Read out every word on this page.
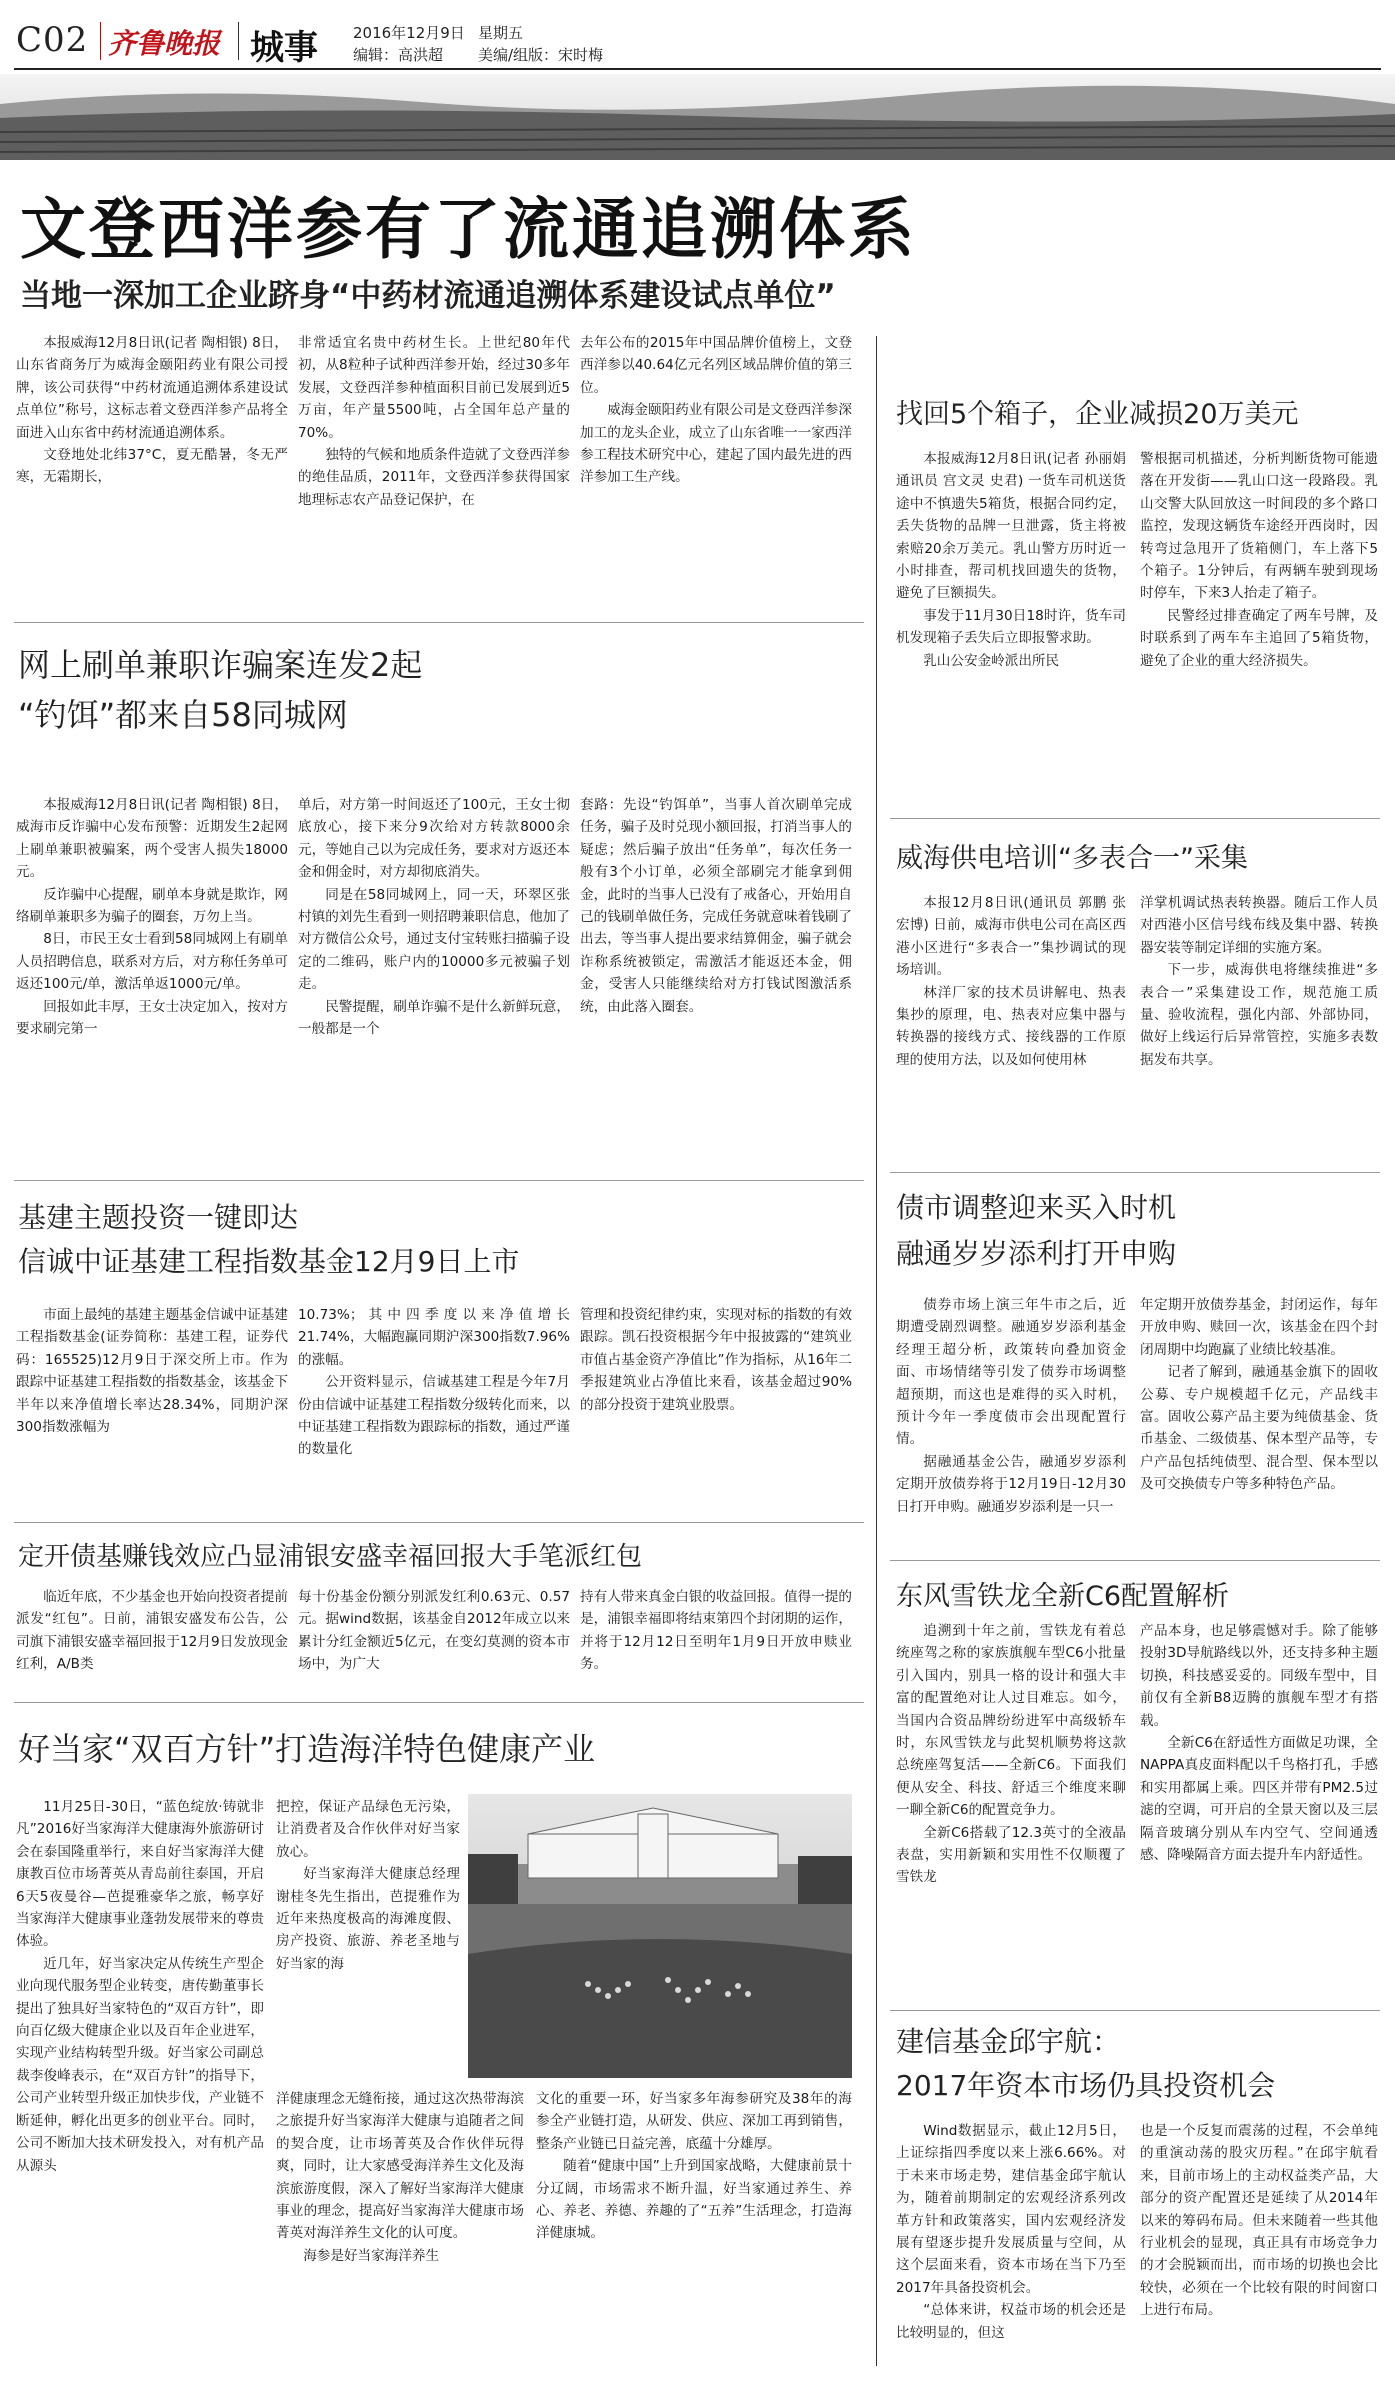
C02 齐鲁晚报 城事 2016年12月9日 星期五
编辑：高洪超 美编/组版：宋时梅
文登西洋参有了流通追溯体系
当地一深加工企业跻身“中药材流通追溯体系建设试点单位”

本报威海12月8日讯(记者 陶相银) 8日，山东省商务厅为威海金颐阳药业有限公司授牌，该公司获得“中药材流通追溯体系建设试点单位”称号，这标志着文登西洋参产品将全面进入山东省中药材流通追溯体系。

文登地处北纬37°C，夏无酷暑，冬无严寒，无霜期长，

非常适宜名贵中药材生长。上世纪80年代初，从8粒种子试种西洋参开始，经过30多年发展，文登西洋参种植面积目前已发展到近5万亩，年产量5500吨，占全国年总产量的70%。

独特的气候和地质条件造就了文登西洋参的绝佳品质，2011年，文登西洋参获得国家地理标志农产品登记保护，在

去年公布的2015年中国品牌价值榜上，文登西洋参以40.64亿元名列区域品牌价值的第三位。

威海金颐阳药业有限公司是文登西洋参深加工的龙头企业，成立了山东省唯一一家西洋参工程技术研究中心，建起了国内最先进的西洋参加工生产线。

找回5个箱子，企业减损20万美元

本报威海12月8日讯(记者 孙丽娟 通讯员 宫文灵 史君) 一货车司机送货途中不慎遗失5箱货，根据合同约定，丢失货物的品牌一旦泄露，货主将被索赔20余万美元。乳山警方历时近一小时排查，帮司机找回遗失的货物，避免了巨额损失。

事发于11月30日18时许，货车司机发现箱子丢失后立即报警求助。

乳山公安金岭派出所民

警根据司机描述，分析判断货物可能遗落在开发街——乳山口这一段路段。乳山交警大队回放这一时间段的多个路口监控，发现这辆货车途经开西岗时，因转弯过急甩开了货箱侧门，车上落下5个箱子。1分钟后，有两辆车驶到现场时停车，下来3人抬走了箱子。

民警经过排查确定了两车号牌，及时联系到了两车车主追回了5箱货物，避免了企业的重大经济损失。

网上刷单兼职诈骗案连发2起
“钓饵”都来自58同城网

本报威海12月8日讯(记者 陶相银) 8日，威海市反诈骗中心发布预警：近期发生2起网上刷单兼职被骗案，两个受害人损失18000元。

反诈骗中心提醒，刷单本身就是欺诈，网络刷单兼职多为骗子的圈套，万勿上当。

8日，市民王女士看到58同城网上有刷单人员招聘信息，联系对方后，对方称任务单可返还100元/单，激活单返1000元/单。

回报如此丰厚，王女士决定加入，按对方要求刷完第一

单后，对方第一时间返还了100元，王女士彻底放心，接下来分9次给对方转款8000余元，等她自己以为完成任务，要求对方返还本金和佣金时，对方却彻底消失。

同是在58同城网上，同一天，环翠区张村镇的刘先生看到一则招聘兼职信息，他加了对方微信公众号，通过支付宝转账扫描骗子设定的二维码，账户内的10000多元被骗子划走。

民警提醒，刷单诈骗不是什么新鲜玩意，一般都是一个

套路：先设“钓饵单”，当事人首次刷单完成任务，骗子及时兑现小额回报，打消当事人的疑虑；然后骗子放出“任务单”，每次任务一般有3个小订单，必须全部刷完才能拿到佣金，此时的当事人已没有了戒备心，开始用自己的钱刷单做任务，完成任务就意味着钱刷了出去，等当事人提出要求结算佣金，骗子就会诈称系统被锁定，需激活才能返还本金，佣金，受害人只能继续给对方打钱试图激活系统，由此落入圈套。

威海供电培训“多表合一”采集

本报12月8日讯(通讯员 郭鹏 张宏博) 日前，威海市供电公司在高区西港小区进行“多表合一”集抄调试的现场培训。

林洋厂家的技术员讲解电、热表集抄的原理，电、热表对应集中器与转换器的接线方式、接线器的工作原理的使用方法，以及如何使用林

洋掌机调试热表转换器。随后工作人员对西港小区信号线布线及集中器、转换器安装等制定详细的实施方案。

下一步，威海供电将继续推进“多表合一”采集建设工作，规范施工质量、验收流程，强化内部、外部协同，做好上线运行后异常管控，实施多表数据发布共享。

基建主题投资一键即达
信诚中证基建工程指数基金12月9日上市

市面上最纯的基建主题基金信诚中证基建工程指数基金(证券简称：基建工程，证券代码：165525)12月9日于深交所上市。作为跟踪中证基建工程指数的指数基金，该基金下半年以来净值增长率达28.34%，同期沪深300指数涨幅为

10.73%；其中四季度以来净值增长21.74%，大幅跑赢同期沪深300指数7.96%的涨幅。

公开资料显示，信诚基建工程是今年7月份由信诚中证基建工程指数分级转化而来，以中证基建工程指数为跟踪标的指数，通过严谨的数量化

管理和投资纪律约束，实现对标的指数的有效跟踪。凯石投资根据今年中报披露的“建筑业市值占基金资产净值比”作为指标，从16年二季报建筑业占净值比来看，该基金超过90%的部分投资于建筑业股票。

债市调整迎来买入时机
融通岁岁添利打开申购

债券市场上演三年牛市之后，近期遭受剧烈调整。融通岁岁添利基金经理王超分析，政策转向叠加资金面、市场情绪等引发了债券市场调整超预期，而这也是难得的买入时机，预计今年一季度债市会出现配置行情。

据融通基金公告，融通岁岁添利定期开放债券将于12月19日-12月30日打开申购。融通岁岁添利是一只一

年定期开放债券基金，封闭运作，每年开放申购、赎回一次，该基金在四个封闭周期中均跑赢了业绩比较基准。

记者了解到，融通基金旗下的固收公募、专户规模超千亿元，产品线丰富。固收公募产品主要为纯债基金、货币基金、二级债基、保本型产品等，专户产品包括纯债型、混合型、保本型以及可交换债专户等多种特色产品。

定开债基赚钱效应凸显浦银安盛幸福回报大手笔派红包

临近年底，不少基金也开始向投资者提前派发“红包”。日前，浦银安盛发布公告，公司旗下浦银安盛幸福回报于12月9日发放现金红利，A/B类

每十份基金份额分别派发红利0.63元、0.57元。据wind数据，该基金自2012年成立以来累计分红金额近5亿元，在变幻莫测的资本市场中，为广大

持有人带来真金白银的收益回报。值得一提的是，浦银幸福即将结束第四个封闭期的运作，并将于12月12日至明年1月9日开放申赎业务。

东风雪铁龙全新C6配置解析

追溯到十年之前，雪铁龙有着总统座驾之称的家族旗舰车型C6小批量引入国内，别具一格的设计和强大丰富的配置绝对让人过目难忘。如今，当国内合资品牌纷纷进军中高级轿车时，东风雪铁龙与此契机顺势将这款总统座驾复活——全新C6。下面我们便从安全、科技、舒适三个维度来聊一聊全新C6的配置竞争力。

全新C6搭载了12.3英寸的全液晶表盘，实用新颖和实用性不仅顺覆了雪铁龙

产品本身，也足够震憾对手。除了能够投射3D导航路线以外，还支持多种主题切换，科技感妥妥的。同级车型中，目前仅有全新B8迈腾的旗舰车型才有搭载。

全新C6在舒适性方面做足功课，全NAPPA真皮面料配以千鸟格打孔，手感和实用都属上乘。四区并带有PM2.5过滤的空调，可开启的全景天窗以及三层隔音玻璃分别从车内空气、空间通透感、降噪隔音方面去提升车内舒适性。

好当家“双百方针”打造海洋特色健康产业

11月25日-30日，“蓝色绽放·铸就非凡”2016好当家海洋大健康海外旅游研讨会在泰国隆重举行，来自好当家海洋大健康教百位市场菁英从青岛前往泰国，开启6天5夜曼谷—芭提雅豪华之旅，畅享好当家海洋大健康事业蓬勃发展带来的尊贵体验。

近几年，好当家决定从传统生产型企业向现代服务型企业转变，唐传勤董事长提出了独具好当家特色的“双百方针”，即向百亿级大健康企业以及百年企业进军，实现产业结构转型升级。好当家公司副总裁李俊峰表示，在“双百方针”的指导下，公司产业转型升级正加快步伐，产业链不断延伸，孵化出更多的创业平台。同时，公司不断加大技术研发投入，对有机产品从源头

把控，保证产品绿色无污染，让消费者及合作伙伴对好当家放心。

好当家海洋大健康总经理谢桂冬先生指出，芭提雅作为近年来热度极高的海滩度假、房产投资、旅游、养老圣地与好当家的海

洋健康理念无缝衔接，通过这次热带海滨之旅提升好当家海洋大健康与追随者之间的契合度，让市场菁英及合作伙伴玩得爽，同时，让大家感受海洋养生文化及海滨旅游度假，深入了解好当家海洋大健康事业的理念，提高好当家海洋大健康市场菁英对海洋养生文化的认可度。

海参是好当家海洋养生

文化的重要一环，好当家多年海参研究及38年的海参全产业链打造，从研发、供应、深加工再到销售，整条产业链已日益完善，底蕴十分雄厚。

随着“健康中国”上升到国家战略，大健康前景十分辽阔，市场需求不断升温，好当家通过养生、养心、养老、养德、养趣的了“五养”生活理念，打造海洋健康城。

建信基金邱宇航：
2017年资本市场仍具投资机会

Wind数据显示，截止12月5日，上证综指四季度以来上涨6.66%。对于未来市场走势，建信基金邱宇航认为，随着前期制定的宏观经济系列改革方针和政策落实，国内宏观经济发展有望逐步提升发展质量与空间，从这个层面来看，资本市场在当下乃至2017年具备投资机会。

“总体来讲，权益市场的机会还是比较明显的，但这

也是一个反复而震荡的过程，不会单纯的重演动荡的股灾历程。”在邱宇航看来，目前市场上的主动权益类产品，大部分的资产配置还是延续了从2014年以来的筹码布局。但未来随着一些其他行业机会的显现，真正具有市场竞争力的才会脱颖而出，而市场的切换也会比较快，必须在一个比较有限的时间窗口上进行布局。
